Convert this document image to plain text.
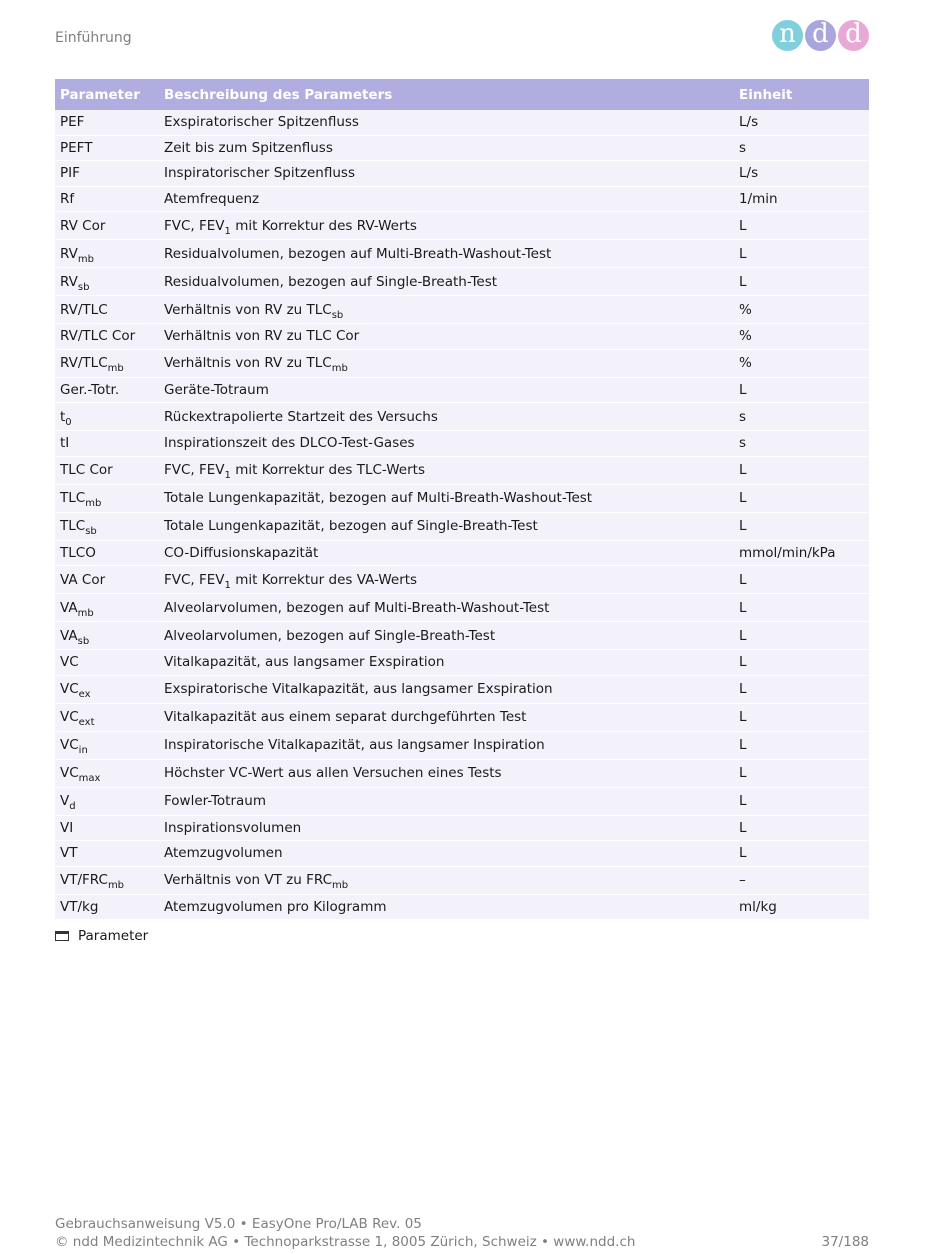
Einführung	n d d
Parameter	Beschreibung des Parameters	Einheit
PEF	Exspiratorischer Spitzenfluss	L/s
PEFT	Zeit bis zum Spitzenfluss	s
PIF	Inspiratorischer Spitzenfluss	L/s
Rf	Atemfrequenz	1/min
RV Cor	FVC, $FEV_1$ mit Korrektur des RV-Werts	L
$RV_{mb}$	Residualvolumen, bezogen auf Multi-Breath-Washout-Test	L
$RV_{sb}$	Residualvolumen, bezogen auf Single-Breath-Test	L
RV/TLC	Verhältnis von RV zu $TLC_{sb}$	%
RV/TLC Cor	Verhältnis von RV zu TLC Cor	%
$RV/TLC_{mb}$	Verhältnis von RV zu $TLC_{mb}$	%
Ger.-Totr.	Geräte-Totraum	L
$t_0$	Rückextrapolierte Startzeit des Versuchs	s
tI	Inspirationszeit des DLCO-Test-Gases	s
TLC Cor	FVC, $FEV_1$ mit Korrektur des TLC-Werts	L
$TLC_{mb}$	Totale Lungenkapazität, bezogen auf Multi-Breath-Washout-Test	L
$TLC_{sb}$	Totale Lungenkapazität, bezogen auf Single-Breath-Test	L
TLCO	CO-Diffusionskapazität	mmol/min/kPa
VA Cor	FVC, $FEV_1$ mit Korrektur des VA-Werts	L
$VA_{mb}$	Alveolarvolumen, bezogen auf Multi-Breath-Washout-Test	L
$VA_{sb}$	Alveolarvolumen, bezogen auf Single-Breath-Test	L
VC	Vitalkapazität, aus langsamer Exspiration	L
$VC_{ex}$	Exspiratorische Vitalkapazität, aus langsamer Exspiration	L
$VC_{ext}$	Vitalkapazität aus einem separat durchgeführten Test	L
$VC_{in}$	Inspiratorische Vitalkapazität, aus langsamer Inspiration	L
$VC_{max}$	Höchster VC-Wert aus allen Versuchen eines Tests	L
$V_d$	Fowler-Totraum	L
VI	Inspirationsvolumen	L
VT	Atemzugvolumen	L
$VT/FRC_{mb}$	Verhältnis von VT zu $FRC_{mb}$	–
VT/kg	Atemzugvolumen pro Kilogramm	ml/kg
Parameter
Gebrauchsanweisung V5.0 • EasyOne Pro/LAB Rev. 05
© ndd Medizintechnik AG • Technoparkstrasse 1, 8005 Zürich, Schweiz • www.ndd.ch	37/188
